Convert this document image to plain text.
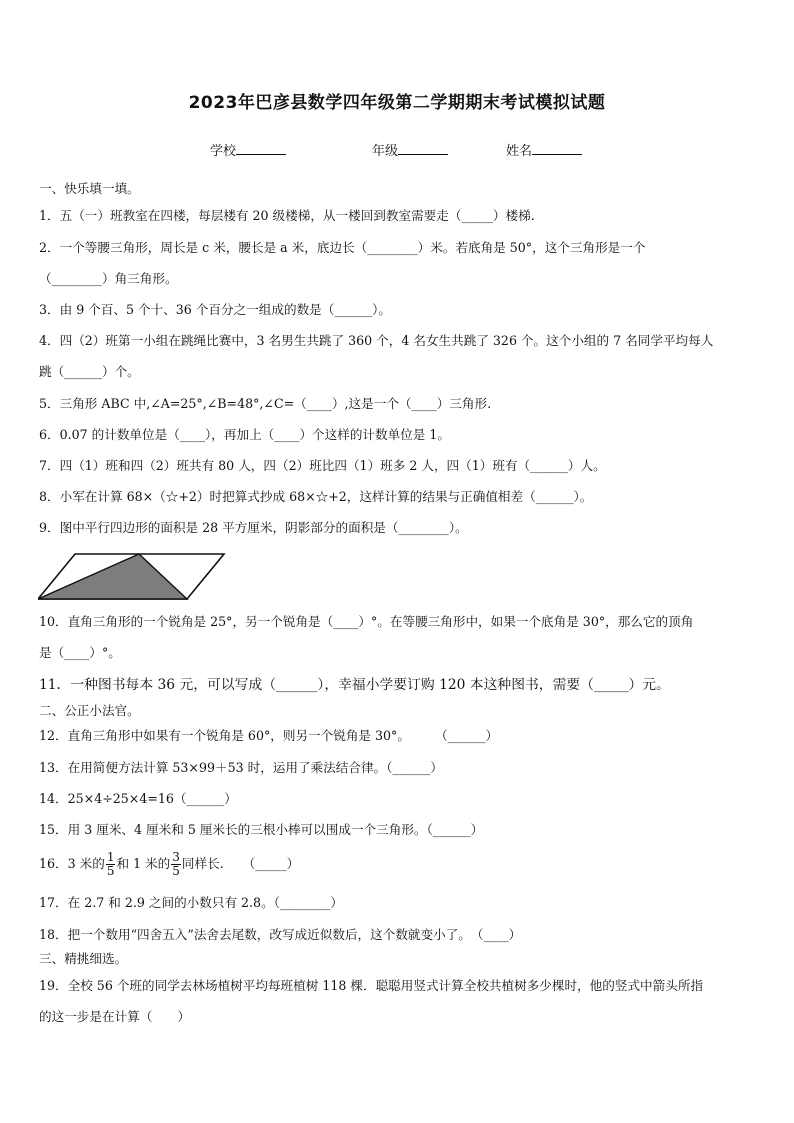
2023年巴彦县数学四年级第二学期期末考试模拟试题
学校	年级	姓名
一、快乐填一填。
1．五（一）班教室在四楼，每层楼有 20 级楼梯，从一楼回到教室需要走（_____）楼梯.
2．一个等腰三角形，周长是 c 米，腰长是 a 米，底边长（________）米。若底角是 50°，这个三角形是一个
（________）角三角形。
3．由 9 个百、5 个十、36 个百分之一组成的数是（______）。
4．四（2）班第一小组在跳绳比赛中，3 名男生共跳了 360 个，4 名女生共跳了 326 个。这个小组的 7 名同学平均每人
跳（______）个。
5．三角形 ABC 中,∠A=25°,∠B=48°,∠C=（____）,这是一个（____）三角形.
6．0.07 的计数单位是（____），再加上（____）个这样的计数单位是 1。
7．四（1）班和四（2）班共有 80 人，四（2）班比四（1）班多 2 人，四（1）班有（______）人。
8．小军在计算 68×（☆+2）时把算式抄成 68×☆+2，这样计算的结果与正确值相差（______）。
9．图中平行四边形的面积是 28 平方厘米，阴影部分的面积是（________）。
10．直角三角形的一个锐角是 25°，另一个锐角是（____）°。在等腰三角形中，如果一个底角是 30°，那么它的顶角
是（____）°。
11．一种图书每本 36 元，可以写成（______），幸福小学要订购 120 本这种图书，需要（_____）元。
二、公正小法官。
12．直角三角形中如果有一个锐角是 60°，则另一个锐角是 30°。　　　（______）
13．在用简便方法计算 53×99＋53 时，运用了乘法结合律。（______）
14．25×4÷25×4=16（______）
15．用 3 厘米、4 厘米和 5 厘米长的三根小棒可以围成一个三角形。（______）
16．3 米的 $\frac{1}{5}$ 和 1 米的 $\frac{3}{5}$ 同样长.　　（_____）
17．在 2.7 和 2.9 之间的小数只有 2.8。（________）
18．把一个数用“四舍五入”法舍去尾数，改写成近似数后，这个数就变小了。　（____）
三、精挑细选。
19．全校 56 个班的同学去林场植树平均每班植树 118 棵．聪聪用竖式计算全校共植树多少棵时，他的竖式中箭头所指
的这一步是在计算（　　）
